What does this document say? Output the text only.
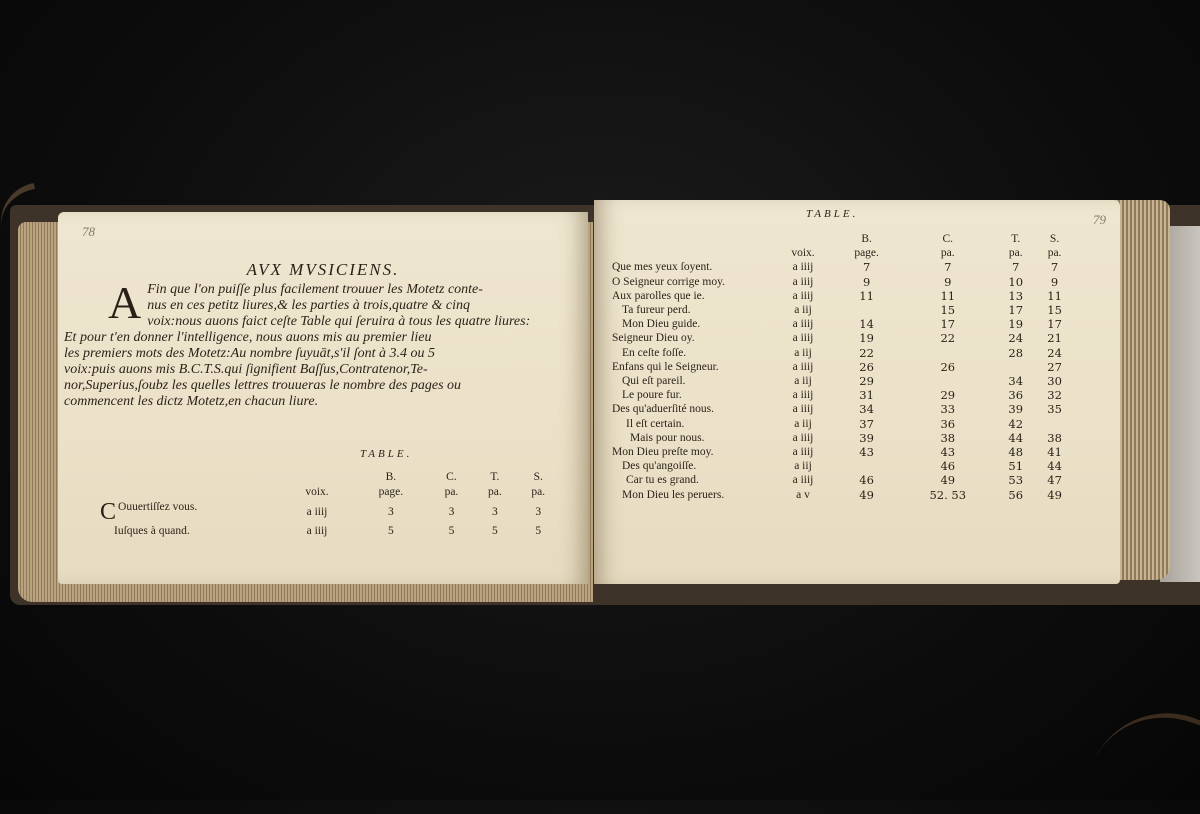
78
AVX MVSICIENS.
A Fin que l'on puiſſe plus facilement trouuer les Motetz conte-
nus en ces petitz liures,& les parties à trois,quatre & cinq
voix:nous auons faict ceſte Table qui ſeruira à tous les quatre liures:
Et pour t'en donner l'intelligence, nous auons mis au premier lieu
les premiers mots des Motetz:Au nombre ſuyuāt,s'il ſont à 3.4 ou 5
voix:puis auons mis B.C.T.S.qui ſignifient Baſſus,Contratenor,Te-
nor,Superius,ſoubz les quelles lettres trouueras le nombre des pages ou
commencent les dictz Motetz,en chacun liure.
TABLE.
		B.	C.	T.	S.
	voix.	page.	pa.	pa.	pa.

C Ouuertiſſez vous.	a iiij	3	3	3	3
Iuſques à quand.	a iiij	5	5	5	5
79
TABLE.
		B.	C.	T.	S.
	voix.	page.	pa.	pa.	pa.
Que mes yeux ſoyent.	a iiij	7	7	7	7
O Seigneur corrige moy.	a iiij	9	9	10	9
Aux parolles que ie.	a iiij	11	11	13	11
Ta fureur perd.	a iij		15	17	15
Mon Dieu guide.	a iiij	14	17	19	17
Seigneur Dieu oy.	a iiij	19	22	24	21
En ceſte foſſe.	a iij	22		28	24
Enfans qui le Seigneur.	a iiij	26	26		27
Qui eſt pareil.	a iij	29		34	30
Le poure fur.	a iiij	31	29	36	32
Des qu'aduerſité nous.	a iiij	34	33	39	35
Il eſt certain.	a iij	37	36	42	
Mais pour nous.	a iiij	39	38	44	38
Mon Dieu preſte moy.	a iiij	43	43	48	41
Des qu'angoiſſe.	a iij		46	51	44
Car tu es grand.	a iiij	46	49	53	47
Mon Dieu les peruers.	a v	49	52. 53	56	49
